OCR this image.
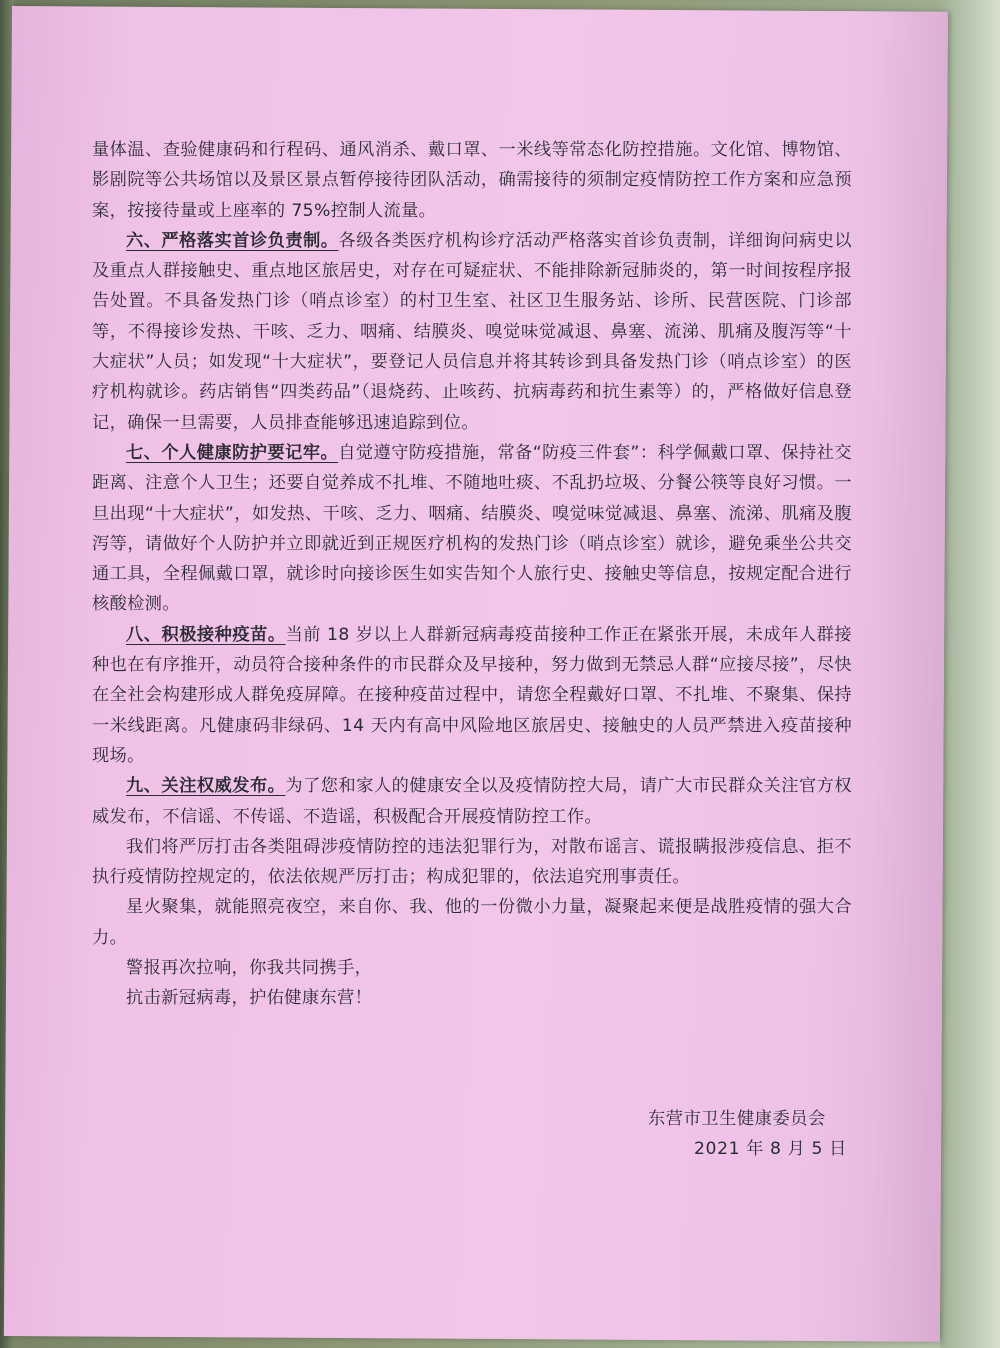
量体温、查验健康码和行程码、通风消杀、戴口罩、一米线等常态化防控措施。文化馆、博物馆、影剧院等公共场馆以及景区景点暂停接待团队活动，确需接待的须制定疫情防控工作方案和应急预案，按接待量或上座率的 75%控制人流量。

六、严格落实首诊负责制。各级各类医疗机构诊疗活动严格落实首诊负责制，详细询问病史以及重点人群接触史、重点地区旅居史，对存在可疑症状、不能排除新冠肺炎的，第一时间按程序报告处置。不具备发热门诊（哨点诊室）的村卫生室、社区卫生服务站、诊所、民营医院、门诊部等，不得接诊发热、干咳、乏力、咽痛、结膜炎、嗅觉味觉减退、鼻塞、流涕、肌痛及腹泻等“十大症状”人员；如发现“十大症状”，要登记人员信息并将其转诊到具备发热门诊（哨点诊室）的医疗机构就诊。药店销售“四类药品”（退烧药、止咳药、抗病毒药和抗生素等）的，严格做好信息登记，确保一旦需要，人员排查能够迅速追踪到位。

七、个人健康防护要记牢。自觉遵守防疫措施，常备“防疫三件套”：科学佩戴口罩、保持社交距离、注意个人卫生；还要自觉养成不扎堆、不随地吐痰、不乱扔垃圾、分餐公筷等良好习惯。一旦出现“十大症状”，如发热、干咳、乏力、咽痛、结膜炎、嗅觉味觉减退、鼻塞、流涕、肌痛及腹泻等，请做好个人防护并立即就近到正规医疗机构的发热门诊（哨点诊室）就诊，避免乘坐公共交通工具，全程佩戴口罩，就诊时向接诊医生如实告知个人旅行史、接触史等信息，按规定配合进行核酸检测。

八、积极接种疫苗。当前 18 岁以上人群新冠病毒疫苗接种工作正在紧张开展，未成年人群接种也在有序推开，动员符合接种条件的市民群众及早接种，努力做到无禁忌人群“应接尽接”，尽快在全社会构建形成人群免疫屏障。在接种疫苗过程中，请您全程戴好口罩、不扎堆、不聚集、保持一米线距离。凡健康码非绿码、14 天内有高中风险地区旅居史、接触史的人员严禁进入疫苗接种现场。

九、关注权威发布。为了您和家人的健康安全以及疫情防控大局，请广大市民群众关注官方权威发布，不信谣、不传谣、不造谣，积极配合开展疫情防控工作。

我们将严厉打击各类阻碍涉疫情防控的违法犯罪行为，对散布谣言、谎报瞒报涉疫信息、拒不执行疫情防控规定的，依法依规严厉打击；构成犯罪的，依法追究刑事责任。

星火聚集，就能照亮夜空，来自你、我、他的一份微小力量，凝聚起来便是战胜疫情的强大合力。

警报再次拉响，你我共同携手，

抗击新冠病毒，护佑健康东营！

东营市卫生健康委员会
2021 年 8 月 5 日
